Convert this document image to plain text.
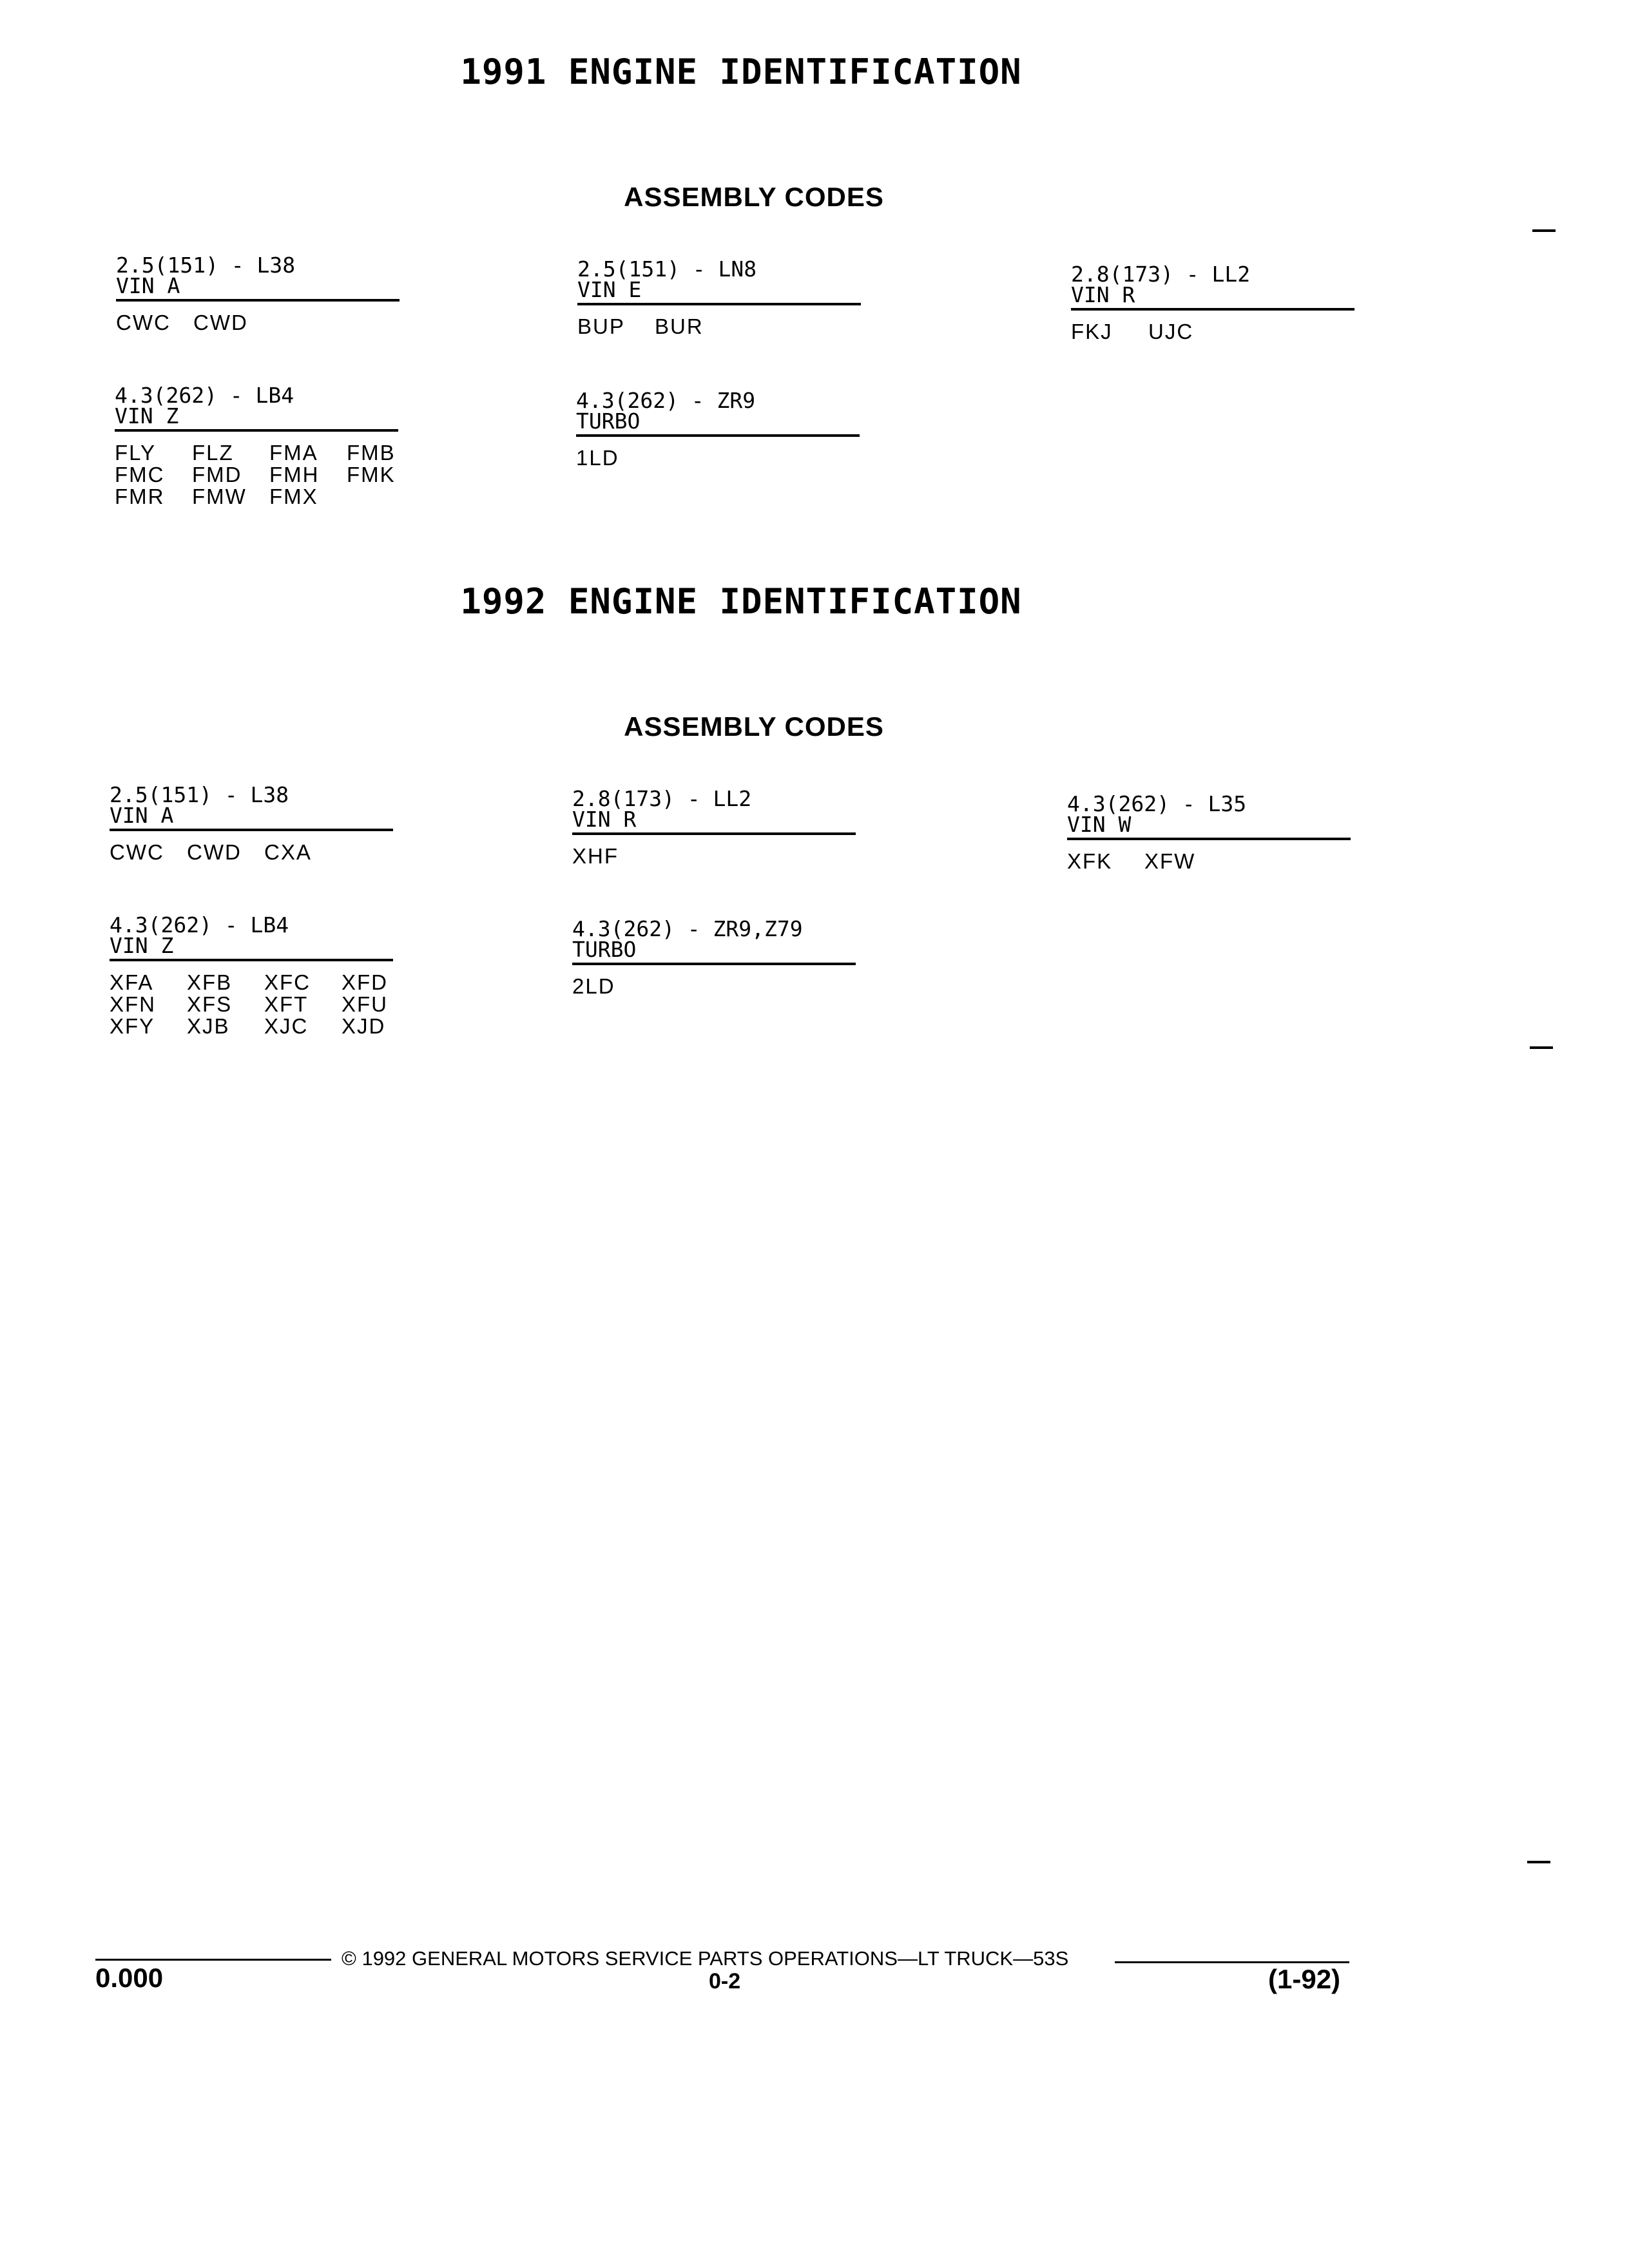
1991 ENGINE IDENTIFICATION
ASSEMBLY CODES
2.5(151) - L38
VIN A
CWC	CWD
2.5(151) - LN8
VIN E
BUP	BUR
2.8(173) - LL2
VIN R
FKJ	UJC
4.3(262) - LB4
VIN Z
FLY	FLZ	FMA	FMB
FMC	FMD	FMH	FMK
FMR	FMW	FMX
4.3(262) - ZR9
TURBO
1LD
1992 ENGINE IDENTIFICATION
ASSEMBLY CODES
2.5(151) - L38
VIN A
CWC	CWD	CXA
2.8(173) - LL2
VIN R
XHF
4.3(262) - L35
VIN W
XFK	XFW
4.3(262) - LB4
VIN Z
XFA	XFB	XFC	XFD
XFN	XFS	XFT	XFU
XFY	XJB	XJC	XJD
4.3(262) - ZR9,Z79
TURBO
2LD
© 1992 GENERAL MOTORS SERVICE PARTS OPERATIONS—LT TRUCK—53S
0.000	0-2	(1-92)
